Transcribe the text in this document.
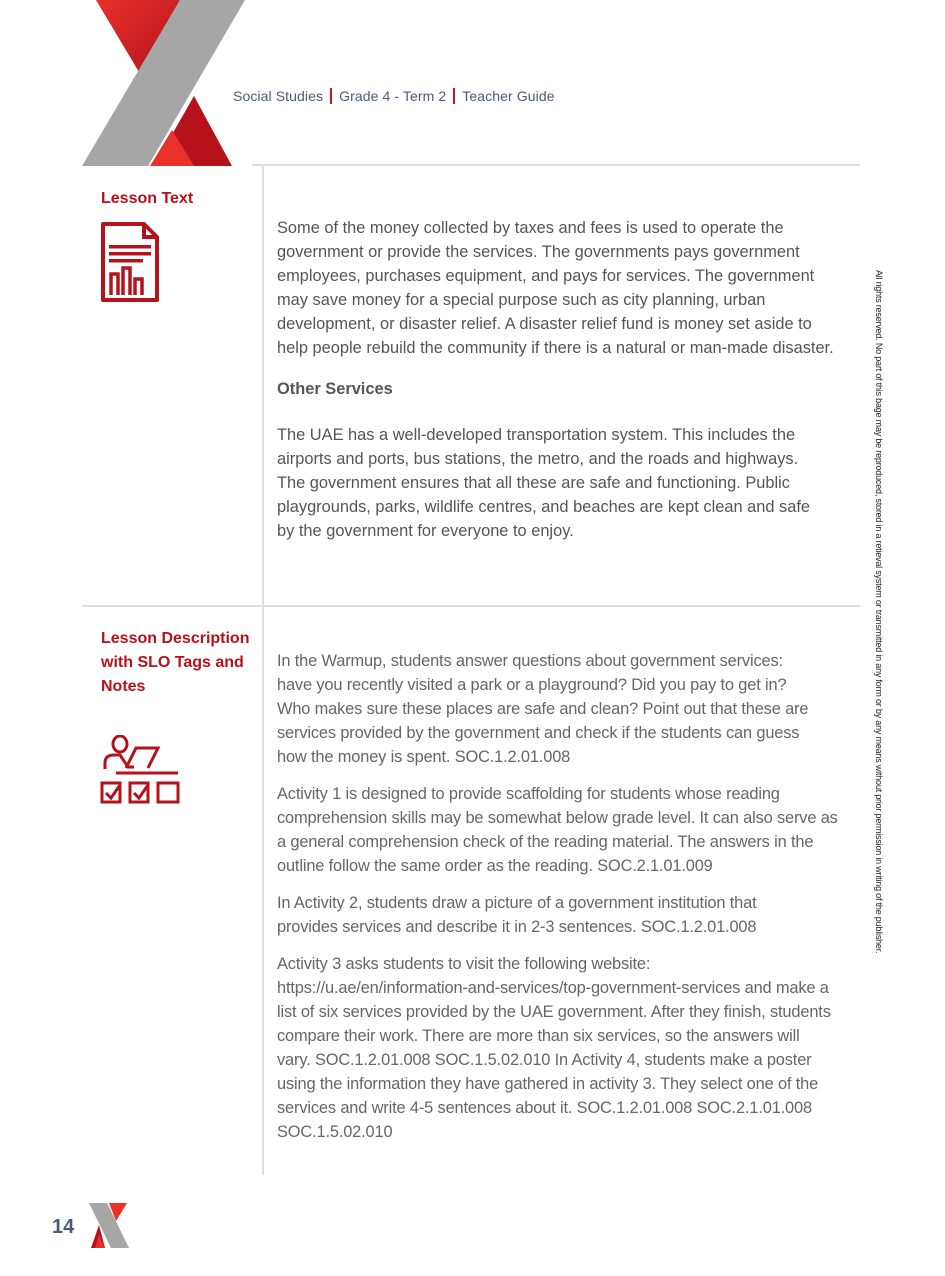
Social Studies Grade 4 - Term 2 Teacher Guide
Lesson Text

Some of the money collected by taxes and fees is used to operate the government or provide the services. The governments pays government employees, purchases equipment, and pays for services. The government may save money for a special purpose such as city planning, urban development, or disaster relief. A disaster relief fund is money set aside to help people rebuild the community if there is a natural or man-made disaster.

Other Services

The UAE has a well-developed transportation system. This includes the airports and ports, bus stations, the metro, and the roads and highways. The government ensures that all these are safe and functioning. Public playgrounds, parks, wildlife centres, and beaches are kept clean and safe by the government for everyone to enjoy.

Lesson Description with SLO Tags and Notes

In the Warmup, students answer questions about government services: have you recently visited a park or a playground? Did you pay to get in? Who makes sure these places are safe and clean? Point out that these are services provided by the government and check if the students can guess how the money is spent. SOC.1.2.01.008

Activity 1 is designed to provide scaffolding for students whose reading comprehension skills may be somewhat below grade level. It can also serve as a general comprehension check of the reading material. The answers in the outline follow the same order as the reading. SOC.2.1.01.009

In Activity 2, students draw a picture of a government institution that provides services and describe it in 2-3 sentences. SOC.1.2.01.008

Activity 3 asks students to visit the following website: https://u.ae/en/information-and-services/top-government-services and make a list of six services provided by the UAE government. After they finish, students compare their work. There are more than six services, so the answers will vary. SOC.1.2.01.008 SOC.1.5.02.010 In Activity 4, students make a poster using the information they have gathered in activity 3. They select one of the services and write 4-5 sentences about it. SOC.1.2.01.008 SOC.2.1.01.008 SOC.1.5.02.010

All rights reserved. No part of this bage may be reproduced, stored in a retieval system or transmitted in any form or by any means without prior permission in writing of the publisher.
14
